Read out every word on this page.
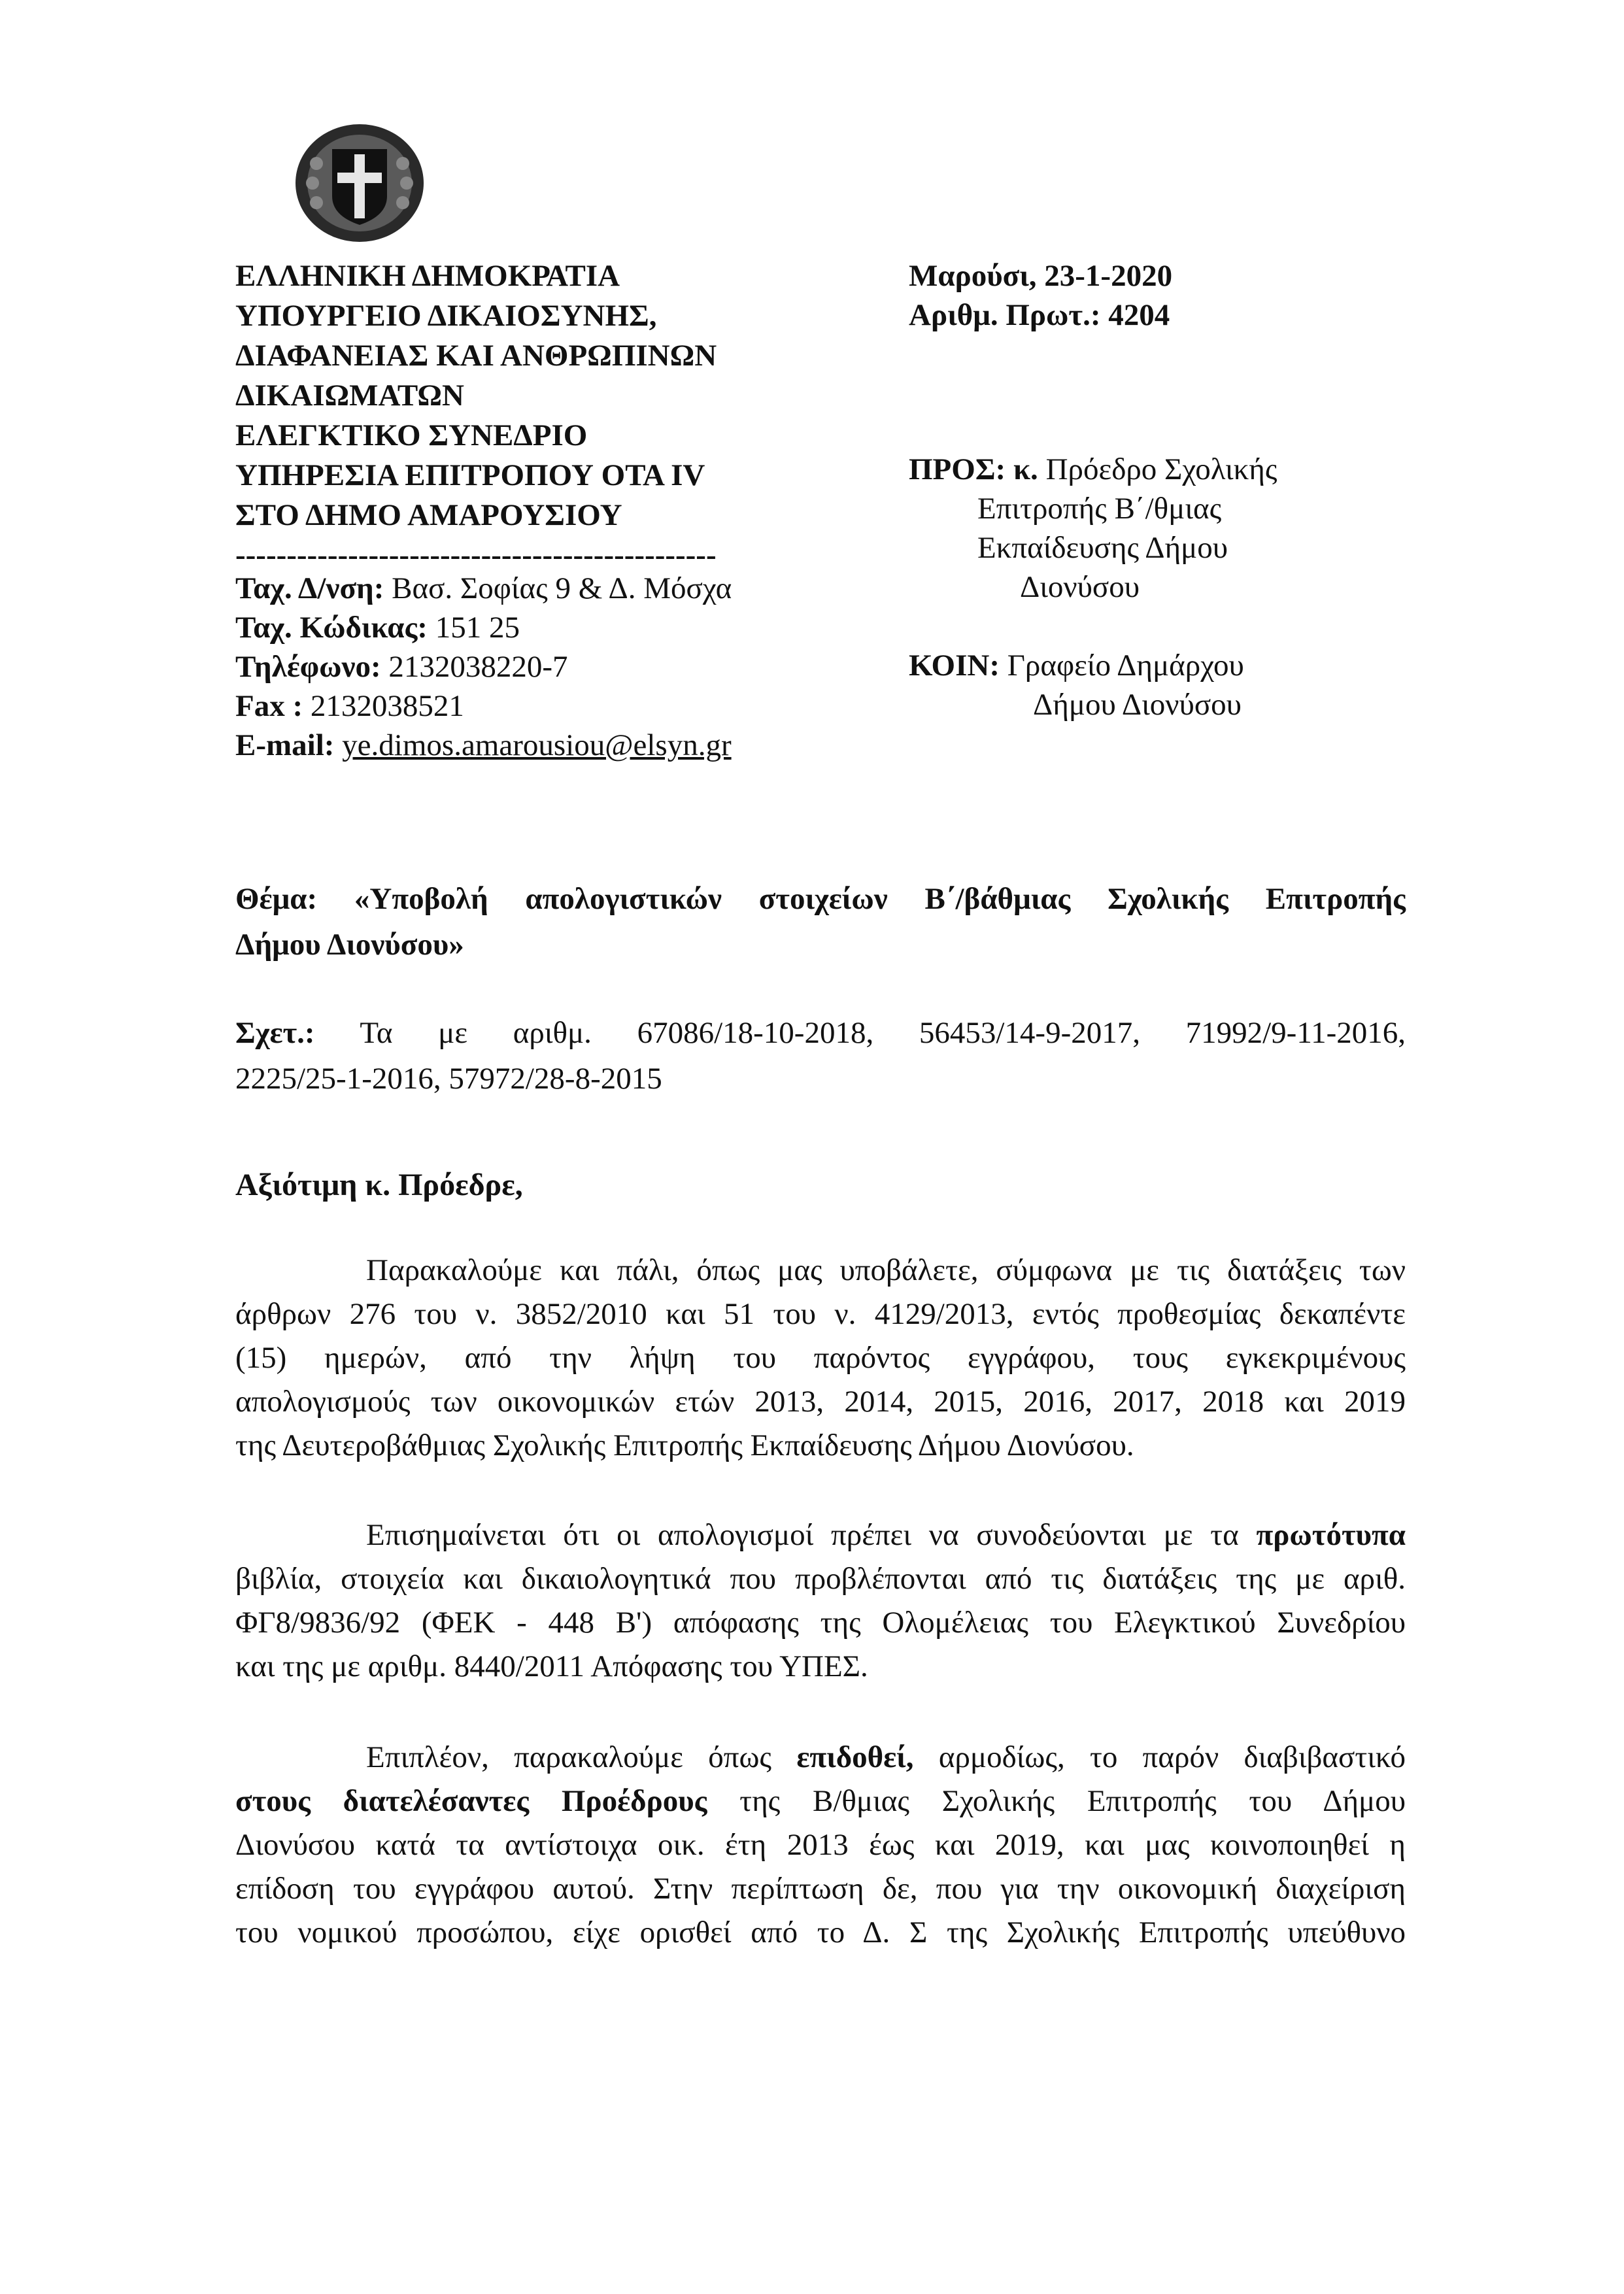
ΕΛΛΗΝΙΚΗ ΔΗΜΟΚΡΑΤΙΑ
ΥΠΟΥΡΓΕΙΟ ΔΙΚΑΙΟΣΥΝΗΣ,
ΔΙΑΦΑΝΕΙΑΣ ΚΑΙ ΑΝΘΡΩΠΙΝΩΝ
ΔΙΚΑΙΩΜΑΤΩΝ
ΕΛΕΓΚΤΙΚΟ ΣΥΝΕΔΡΙΟ
ΥΠΗΡΕΣΙΑ ΕΠΙΤΡΟΠΟΥ ΟΤΑ IV
ΣΤΟ ΔΗΜΟ ΑΜΑΡΟΥΣΙΟΥ
-----------------------------------------------
Ταχ. Δ/νση: Βασ. Σοφίας 9 & Δ. Μόσχα
Ταχ. Κώδικας: 151 25
Τηλέφωνο: 2132038220-7
Fax : 2132038521
E-mail: ye.dimos.amarousiou@elsyn.gr
Μαρούσι, 23-1-2020
Αριθμ. Πρωτ.: 4204
ΠΡΟΣ: κ. Πρόεδρο Σχολικής
Επιτροπής Β΄/θμιας
Εκπαίδευσης Δήμου
Διονύσου
ΚΟΙΝ: Γραφείο Δημάρχου
Δήμου Διονύσου
Θέμα: «Υποβολή απολογιστικών στοιχείων Β΄/βάθμιας Σχολικής Επιτροπής
Δήμου Διονύσου»
Σχετ.: Τα με αριθμ. 67086/18-10-2018, 56453/14-9-2017, 71992/9-11-2016,
2225/25-1-2016, 57972/28-8-2015
Αξιότιμη κ. Πρόεδρε,
Παρακαλούμε και πάλι, όπως μας υποβάλετε, σύμφωνα με τις διατάξεις των
άρθρων 276 του ν. 3852/2010 και 51 του ν. 4129/2013, εντός προθεσμίας δεκαπέντε
(15) ημερών, από την λήψη του παρόντος εγγράφου, τους εγκεκριμένους
απολογισμούς των οικονομικών ετών 2013, 2014, 2015, 2016, 2017, 2018 και 2019
της Δευτεροβάθμιας Σχολικής Επιτροπής Εκπαίδευσης Δήμου Διονύσου.
Επισημαίνεται ότι οι απολογισμοί πρέπει να συνοδεύονται με τα πρωτότυπα
βιβλία, στοιχεία και δικαιολογητικά που προβλέπονται από τις διατάξεις της με αριθ.
ΦΓ8/9836/92 (ΦΕΚ - 448 Β') απόφασης της Ολομέλειας του Ελεγκτικού Συνεδρίου
και της με αριθμ. 8440/2011 Απόφασης του ΥΠΕΣ.
Επιπλέον, παρακαλούμε όπως επιδοθεί, αρμοδίως, το παρόν διαβιβαστικό
στους διατελέσαντες Προέδρους της Β/θμιας Σχολικής Επιτροπής του Δήμου
Διονύσου κατά τα αντίστοιχα οικ. έτη 2013 έως και 2019, και μας κοινοποιηθεί η
επίδοση του εγγράφου αυτού. Στην περίπτωση δε, που για την οικονομική διαχείριση
του νομικού προσώπου, είχε ορισθεί από το Δ. Σ της Σχολικής Επιτροπής υπεύθυνο
